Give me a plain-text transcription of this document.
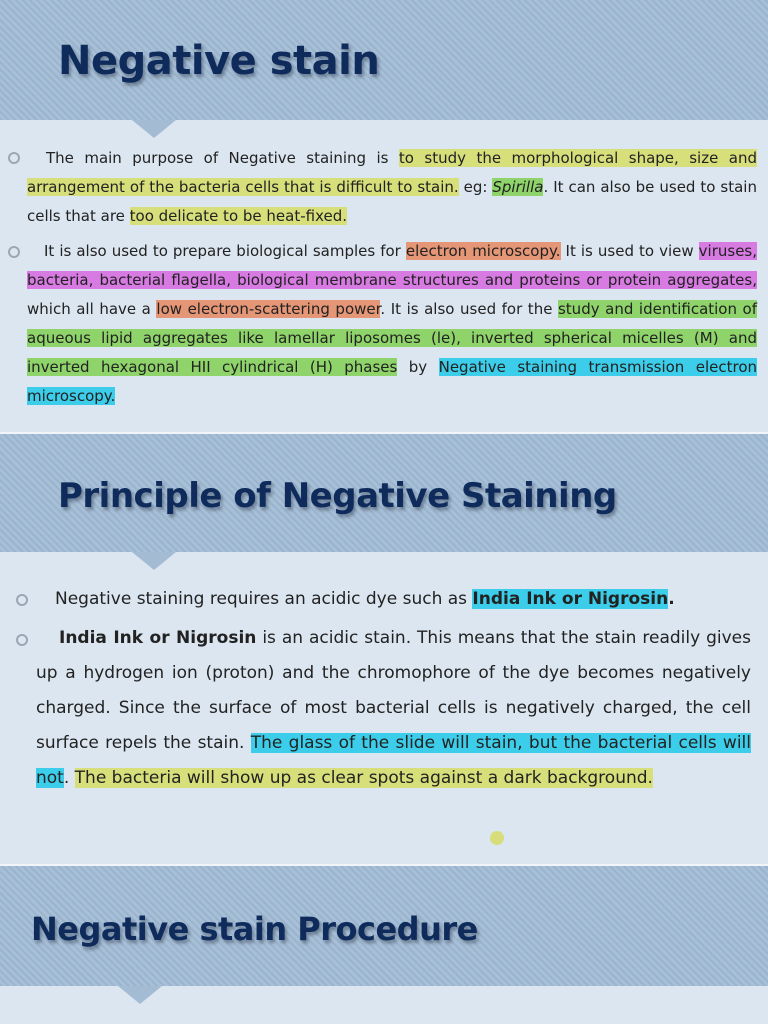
Negative stain
The main purpose of Negative staining is to study the morphological shape, size and arrangement of the bacteria cells that is difficult to stain. eg: Spirilla. It can also be used to stain cells that are too delicate to be heat-fixed.
It is also used to prepare biological samples for electron microscopy. It is used to view viruses, bacteria, bacterial flagella, biological membrane structures and proteins or protein aggregates, which all have a low electron-scattering power. It is also used for the study and identification of aqueous lipid aggregates like lamellar liposomes (le), inverted spherical micelles (M) and inverted hexagonal HII cylindrical (H) phases by Negative staining transmission electron microscopy.
Principle of Negative Staining
Negative staining requires an acidic dye such as India Ink or Nigrosin.
India Ink or Nigrosin is an acidic stain. This means that the stain readily gives up a hydrogen ion (proton) and the chromophore of the dye becomes negatively charged. Since the surface of most bacterial cells is negatively charged, the cell surface repels the stain. The glass of the slide will stain, but the bacterial cells will not. The bacteria will show up as clear spots against a dark background.
Negative stain Procedure
